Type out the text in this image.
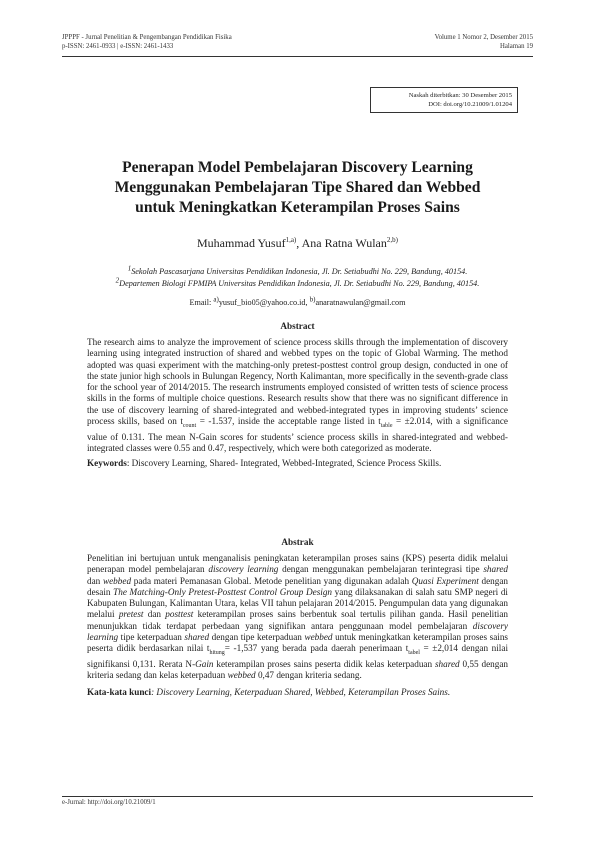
JPPPF - Jurnal Penelitian & Pengembangan Pendidikan Fisika
p-ISSN: 2461-0933 | e-ISSN: 2461-1433
Volume 1 Nomor 2, Desember 2015
Halaman 19
Naskah diterbitkan: 30 Desember 2015
DOI: doi.org/10.21009/1.01204
Penerapan Model Pembelajaran Discovery Learning
Menggunakan Pembelajaran Tipe Shared dan Webbed
untuk Meningkatkan Keterampilan Proses Sains
Muhammad Yusuf$^{1,a)}$, Ana Ratna Wulan$^{2,b)}$
$^1$Sekolah Pascasarjana Universitas Pendidikan Indonesia, Jl. Dr. Setiabudhi No. 229, Bandung, 40154.
$^2$Departemen Biologi FPMIPA Universitas Pendidikan Indonesia, Jl. Dr. Setiabudhi No. 229, Bandung, 40154.
Email: $^{a)}$yusuf_bio05@yahoo.co.id, $^{b)}$anaratnawulan@gmail.com
Abstract

The research aims to analyze the improvement of science process skills through the implementation of discovery learning using integrated instruction of shared and webbed types on the topic of Global Warming. The method adopted was quasi experiment with the matching-only pretest-posttest control group design, conducted in one of the state junior high schools in Bulungan Regency, North Kalimantan, more specifically in the seventh-grade class for the school year of 2014/2015. The research instruments employed consisted of written tests of science process skills in the forms of multiple choice questions. Research results show that there was no significant difference in the use of discovery learning of shared-integrated and webbed-integrated types in improving students’ science process skills, based on $t_{count} = -1.537$, inside the acceptable range listed in $t_{table} = \pm 2.014$, with a significance value of 0.131. The mean N-Gain scores for students’ science process skills in shared-integrated and webbed-integrated classes were 0.55 and 0.47, respectively, which were both categorized as moderate.

Keywords: Discovery Learning, Shared- Integrated, Webbed-Integrated, Science Process Skills.

Abstrak

Penelitian ini bertujuan untuk menganalisis peningkatan keterampilan proses sains (KPS) peserta didik melalui penerapan model pembelajaran discovery learning dengan menggunakan pembelajaran terintegrasi tipe shared dan webbed pada materi Pemanasan Global. Metode penelitian yang digunakan adalah Quasi Experiment dengan desain The Matching-Only Pretest-Posttest Control Group Design yang dilaksanakan di salah satu SMP negeri di Kabupaten Bulungan, Kalimantan Utara, kelas VII tahun pelajaran 2014/2015. Pengumpulan data yang digunakan melalui pretest dan posttest keterampilan proses sains berbentuk soal tertulis pilihan ganda. Hasil penelitian menunjukkan tidak terdapat perbedaan yang signifikan antara penggunaan model pembelajaran discovery learning tipe keterpaduan shared dengan tipe keterpaduan webbed untuk meningkatkan keterampilan proses sains peserta didik berdasarkan nilai $t_{hitung}= -1,537$ yang berada pada daerah penerimaan $t_{tabel} = \pm 2,014$ dengan nilai signifikansi 0,131. Rerata N-Gain keterampilan proses sains peserta didik kelas keterpaduan shared 0,55 dengan kriteria sedang dan kelas keterpaduan webbed 0,47 dengan kriteria sedang.

Kata-kata kunci: Discovery Learning, Keterpaduan Shared, Webbed, Keterampilan Proses Sains.

e-Jurnal: http://doi.org/10.21009/1
